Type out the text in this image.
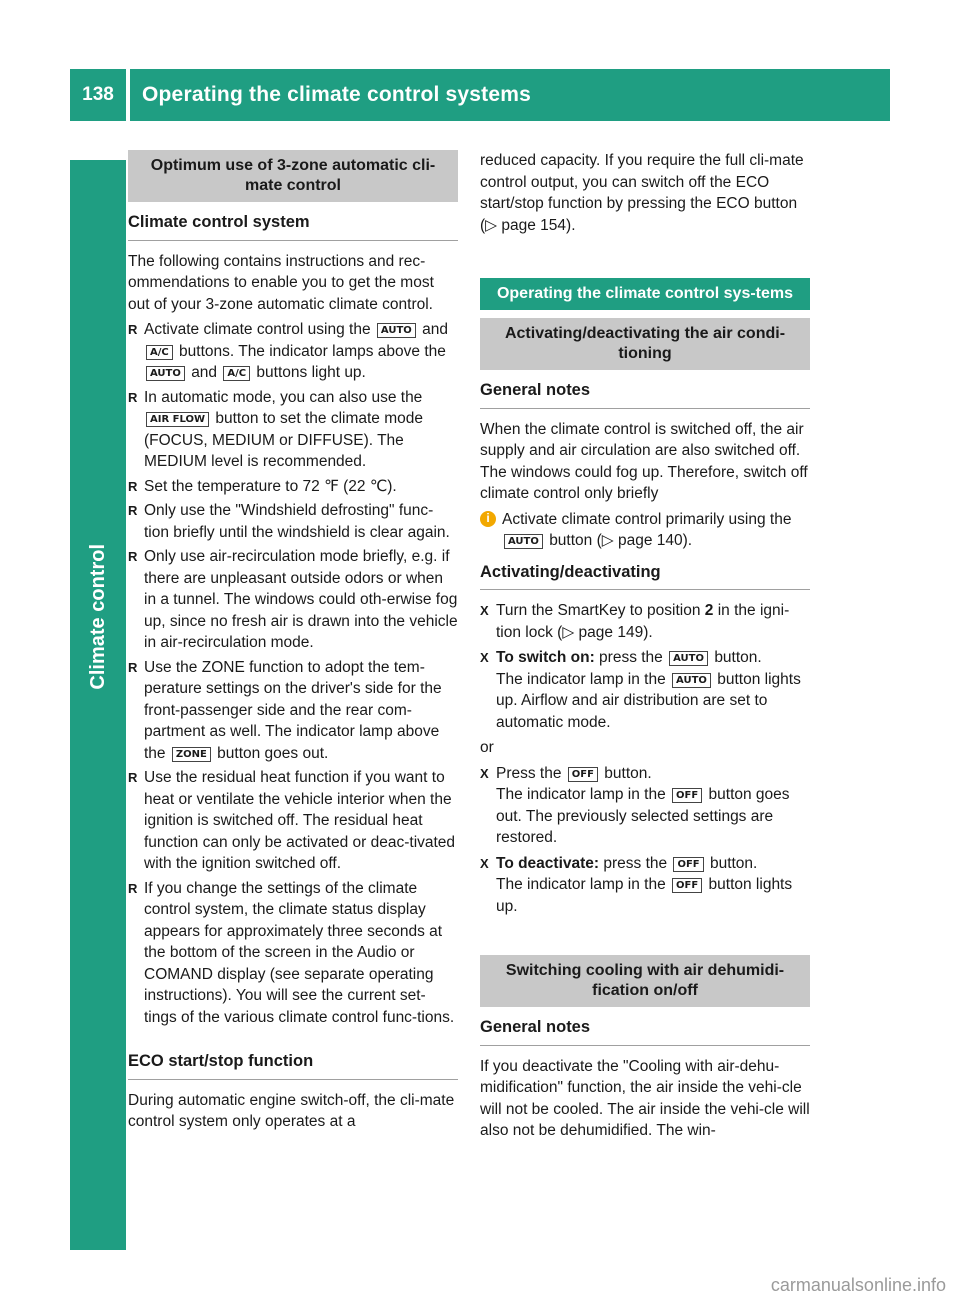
138	Operating the climate control systems
Climate control
Optimum use of 3-zone automatic cli-mate control
Climate control system

The following contains instructions and rec-ommendations to enable you to get the most out of your 3-zone automatic climate control.

R Activate climate control using the AUTO and A/C buttons. The indicator lamps above the AUTO and A/C buttons light up.
R In automatic mode, you can also use the AIR FLOW button to set the climate mode (FOCUS, MEDIUM or DIFFUSE). The MEDIUM level is recommended.
R Set the temperature to 72 ℉ (22 ℃).
R Only use the "Windshield defrosting" func-tion briefly until the windshield is clear again.
R Only use air-recirculation mode briefly, e.g. if there are unpleasant outside odors or when in a tunnel. The windows could oth-erwise fog up, since no fresh air is drawn into the vehicle in air-recirculation mode.
R Use the ZONE function to adopt the tem-perature settings on the driver's side for the front-passenger side and the rear com-partment as well. The indicator lamp above the ZONE button goes out.
R Use the residual heat function if you want to heat or ventilate the vehicle interior when the ignition is switched off. The residual heat function can only be activated or deac-tivated with the ignition switched off.
R If you change the settings of the climate control system, the climate status display appears for approximately three seconds at the bottom of the screen in the Audio or COMAND display (see separate operating instructions). You will see the current set-tings of the various climate control func-tions.
ECO start/stop function

During automatic engine switch-off, the cli-mate control system only operates at a

reduced capacity. If you require the full cli-mate control output, you can switch off the ECO start/stop function by pressing the ECO button (▷ page 154).

Operating the climate control sys-tems
Activating/deactivating the air condi-tioning
General notes

When the climate control is switched off, the air supply and air circulation are also switched off. The windows could fog up. Therefore, switch off climate control only briefly

i Activate climate control primarily using the AUTO button (▷ page 140).
Activating/deactivating
X Turn the SmartKey to position 2 in the igni-tion lock (▷ page 149).
X To switch on: press the AUTO button.
The indicator lamp in the AUTO button lights up. Airflow and air distribution are set to automatic mode.

or

X Press the OFF button.
The indicator lamp in the OFF button goes out. The previously selected settings are restored.
X To deactivate: press the OFF button.
The indicator lamp in the OFF button lights up.
Switching cooling with air dehumidi-fication on/off
General notes

If you deactivate the "Cooling with air-dehu-midification" function, the air inside the vehi-cle will not be cooled. The air inside the vehi-cle will also not be dehumidified. The win-

carmanualsonline.info
